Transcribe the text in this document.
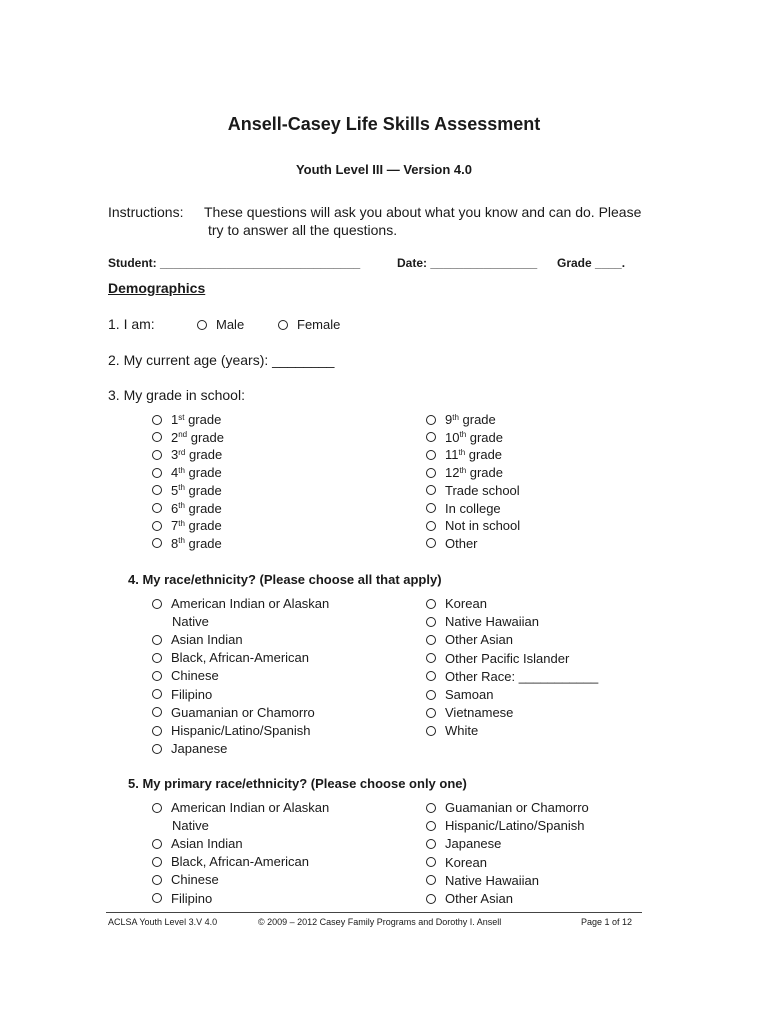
Ansell-Casey Life Skills Assessment
Youth Level III — Version 4.0
Instructions: These questions will ask you about what you know and can do. Please
try to answer all the questions.
Student: ______________________________	Date: ________________ Grade ____.
Demographics
1. I am:	Male	Female
2. My current age (years): ________
3. My grade in school:
4. My race/ethnicity? (Please choose all that apply)
American Indian or Alaskan
Native
5. My primary race/ethnicity? (Please choose only one)
American Indian or Alaskan
Native
ACLSA Youth Level 3.V 4.0	© 2009 – 2012 Casey Family Programs and Dorothy I. Ansell	Page 1 of 12
1st grade
2nd grade
3rd grade
4th grade
5th grade
6th grade
7th grade
8th grade
9th grade
10th grade
11th grade
12th grade
Trade school
In college
Not in school
Other
Asian Indian
Black, African-American
Chinese
Filipino
Guamanian or Chamorro
Hispanic/Latino/Spanish
Japanese
Korean
Native Hawaiian
Other Asian
Other Pacific Islander
Other Race: ___________
Samoan
Vietnamese
White
Asian Indian
Black, African-American
Chinese
Filipino
Guamanian or Chamorro
Hispanic/Latino/Spanish
Japanese
Korean
Native Hawaiian
Other Asian
